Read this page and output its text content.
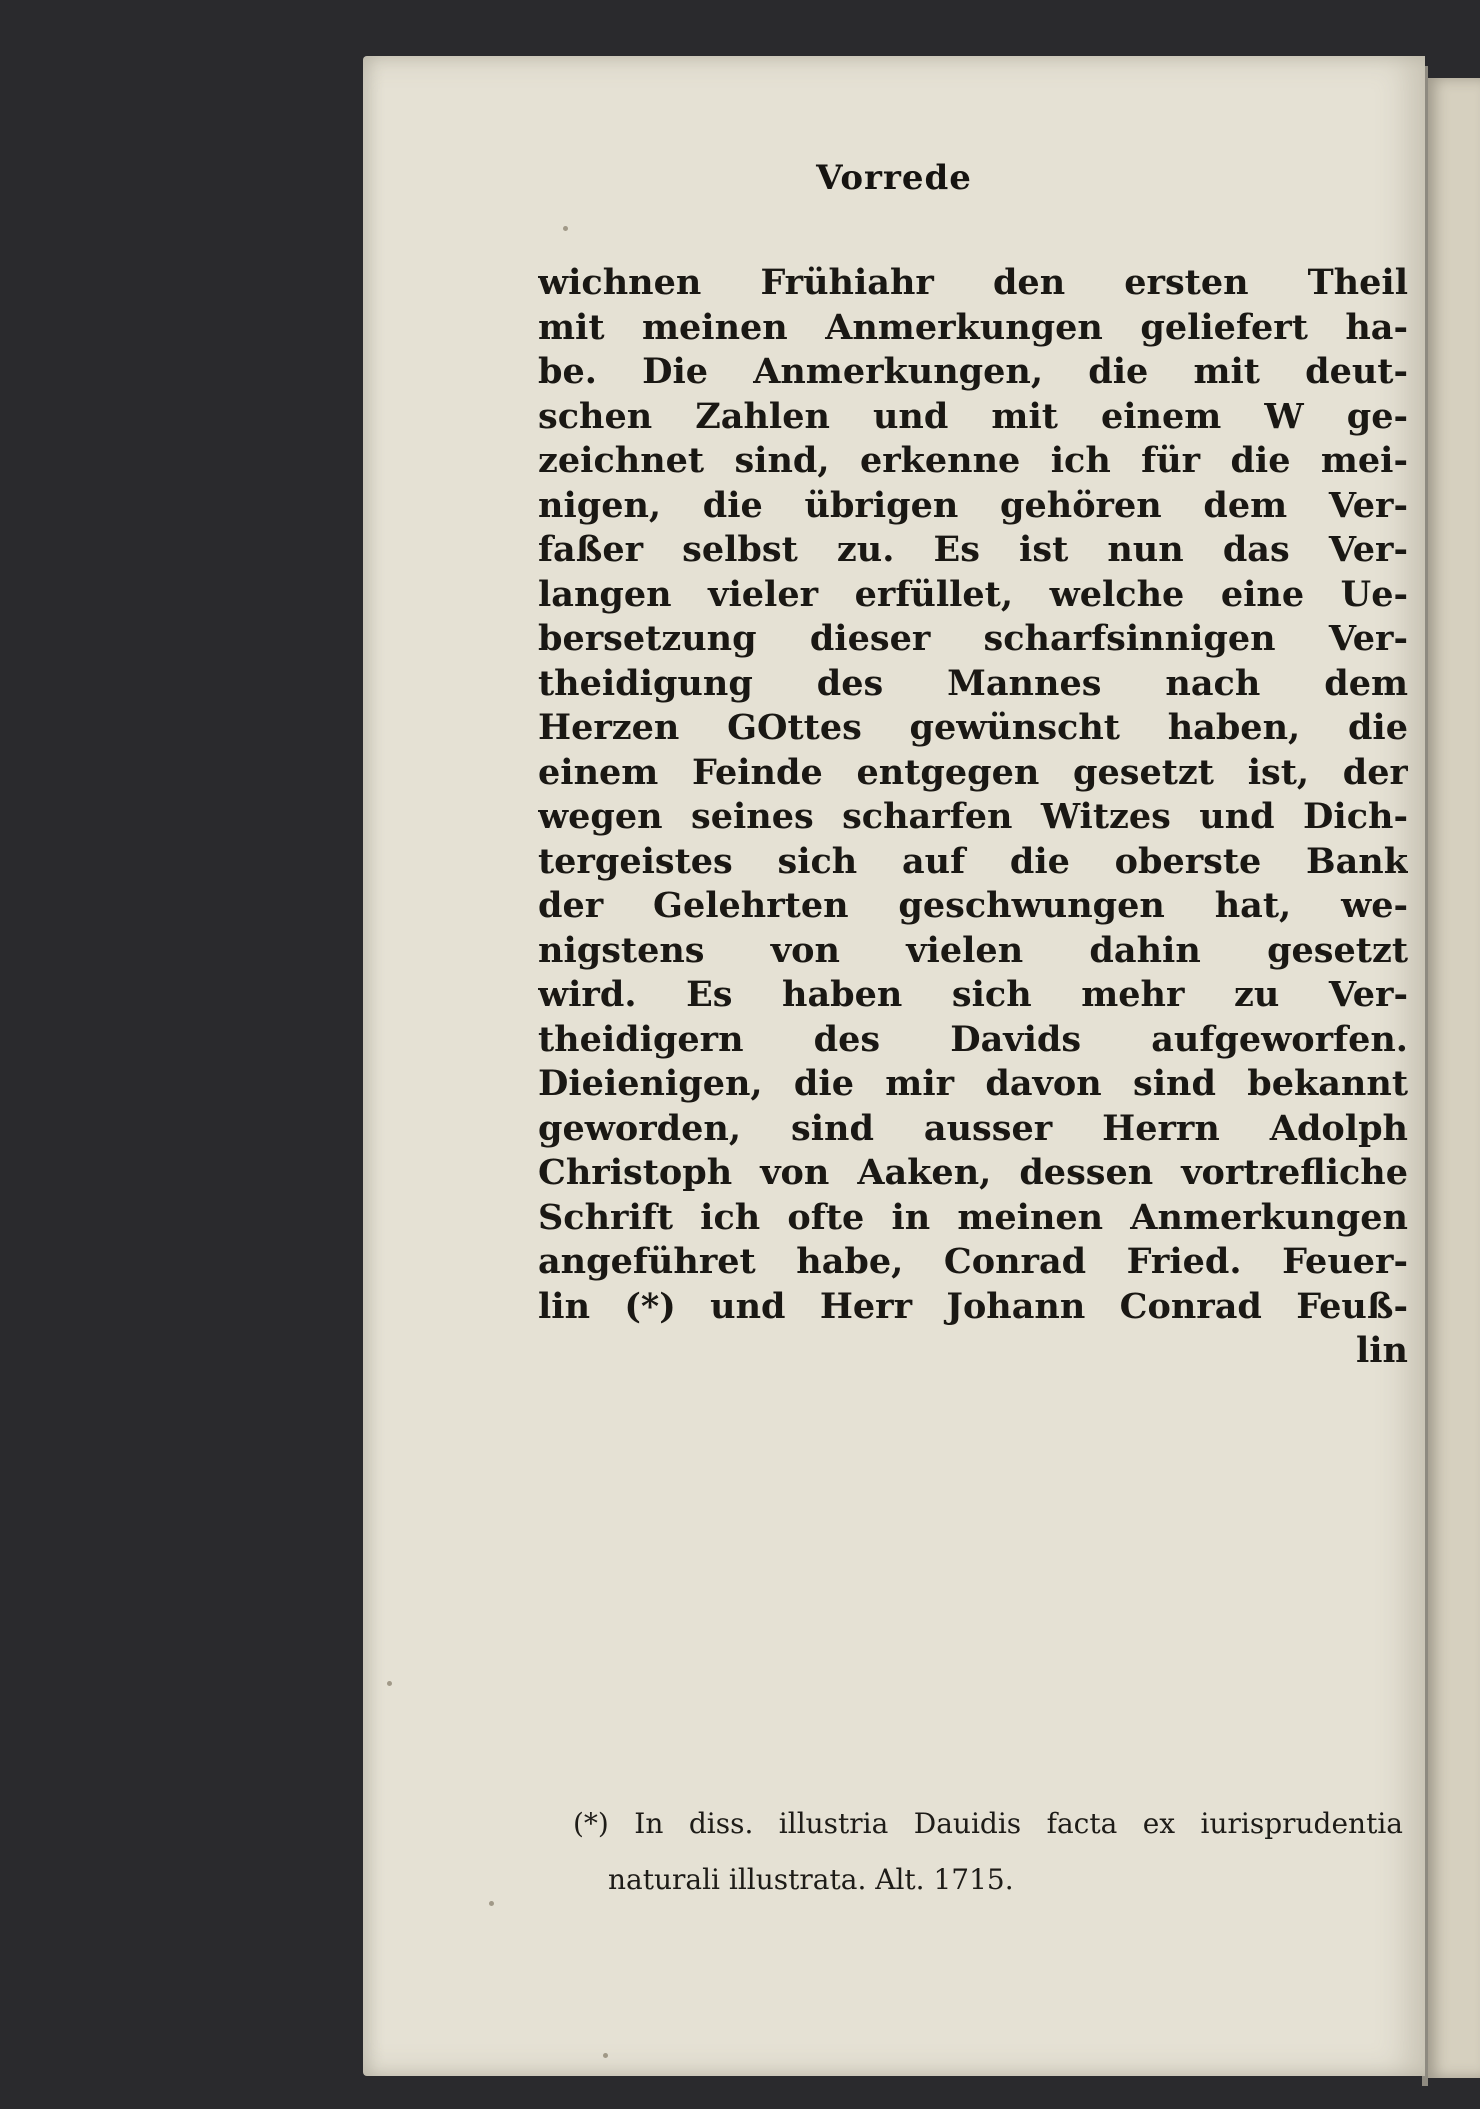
Vorrede
wichnen Frühiahr den ersten Theil
mit meinen Anmerkungen geliefert ha-
be. Die Anmerkungen, die mit deut-
schen Zahlen und mit einem W ge-
zeichnet sind, erkenne ich für die mei-
nigen, die übrigen gehören dem Ver-
faßer selbst zu. Es ist nun das Ver-
langen vieler erfüllet, welche eine Ue-
bersetzung dieser scharfsinnigen Ver-
theidigung des Mannes nach dem
Herzen GOttes gewünscht haben, die
einem Feinde entgegen gesetzt ist, der
wegen seines scharfen Witzes und Dich-
tergeistes sich auf die oberste Bank
der Gelehrten geschwungen hat, we-
nigstens von vielen dahin gesetzt
wird. Es haben sich mehr zu Ver-
theidigern des Davids aufgeworfen.
Dieienigen, die mir davon sind bekannt
geworden, sind ausser Herrn Adolph
Christoph von Aaken, dessen vortrefliche
Schrift ich ofte in meinen Anmerkungen
angeführet habe, Conrad Fried. Feuer-
lin (*) und Herr Johann Conrad Feuß-
lin
(*) In diss. illustria Dauidis facta ex iurisprudentia
naturali illustrata. Alt. 1715.
